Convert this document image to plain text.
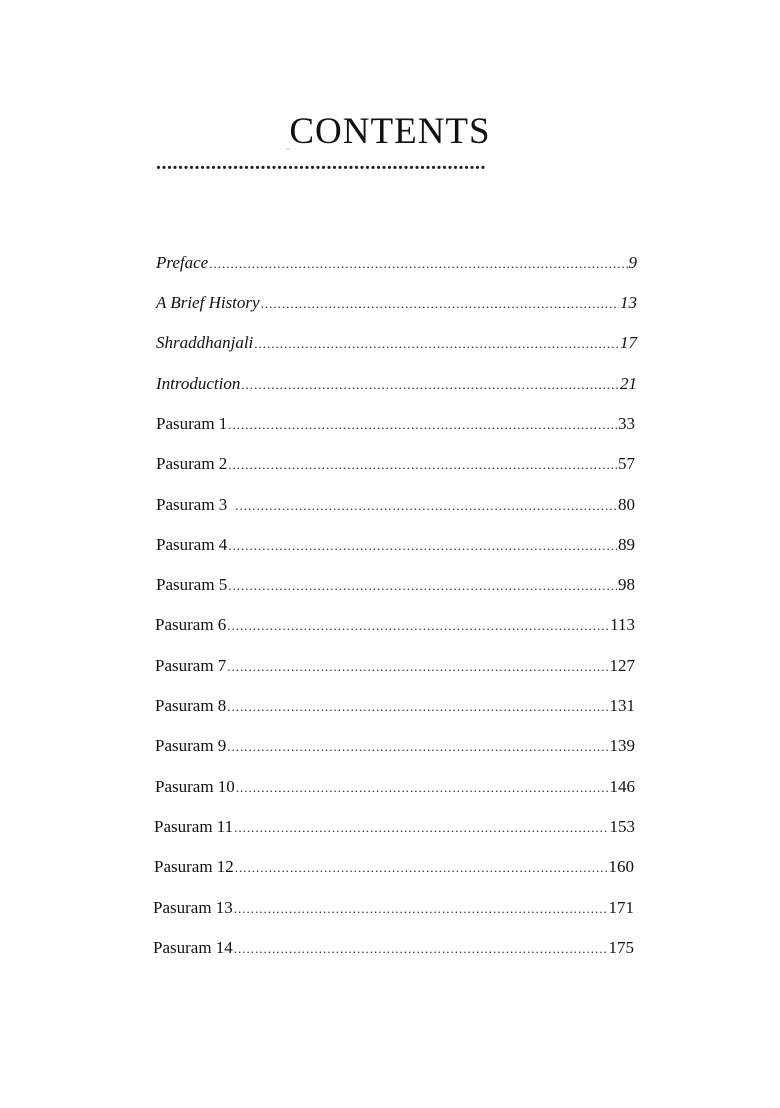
CONTENTS
............................................................
Preface .....	9
A Brief History .....	13
Shraddhanjali .....	17
Introduction .....	21
Pasuram 1 .....	33
Pasuram 2 .....	57
Pasuram 3 .....	80
Pasuram 4 .....	89
Pasuram 5 .....	98
Pasuram 6 .....	113
Pasuram 7 .....	127
Pasuram 8 .....	131
Pasuram 9 .....	139
Pasuram 10 .....	146
Pasuram 11 .....	153
Pasuram 12 .....	160
Pasuram 13 .....	171
Pasuram 14 .....	175
